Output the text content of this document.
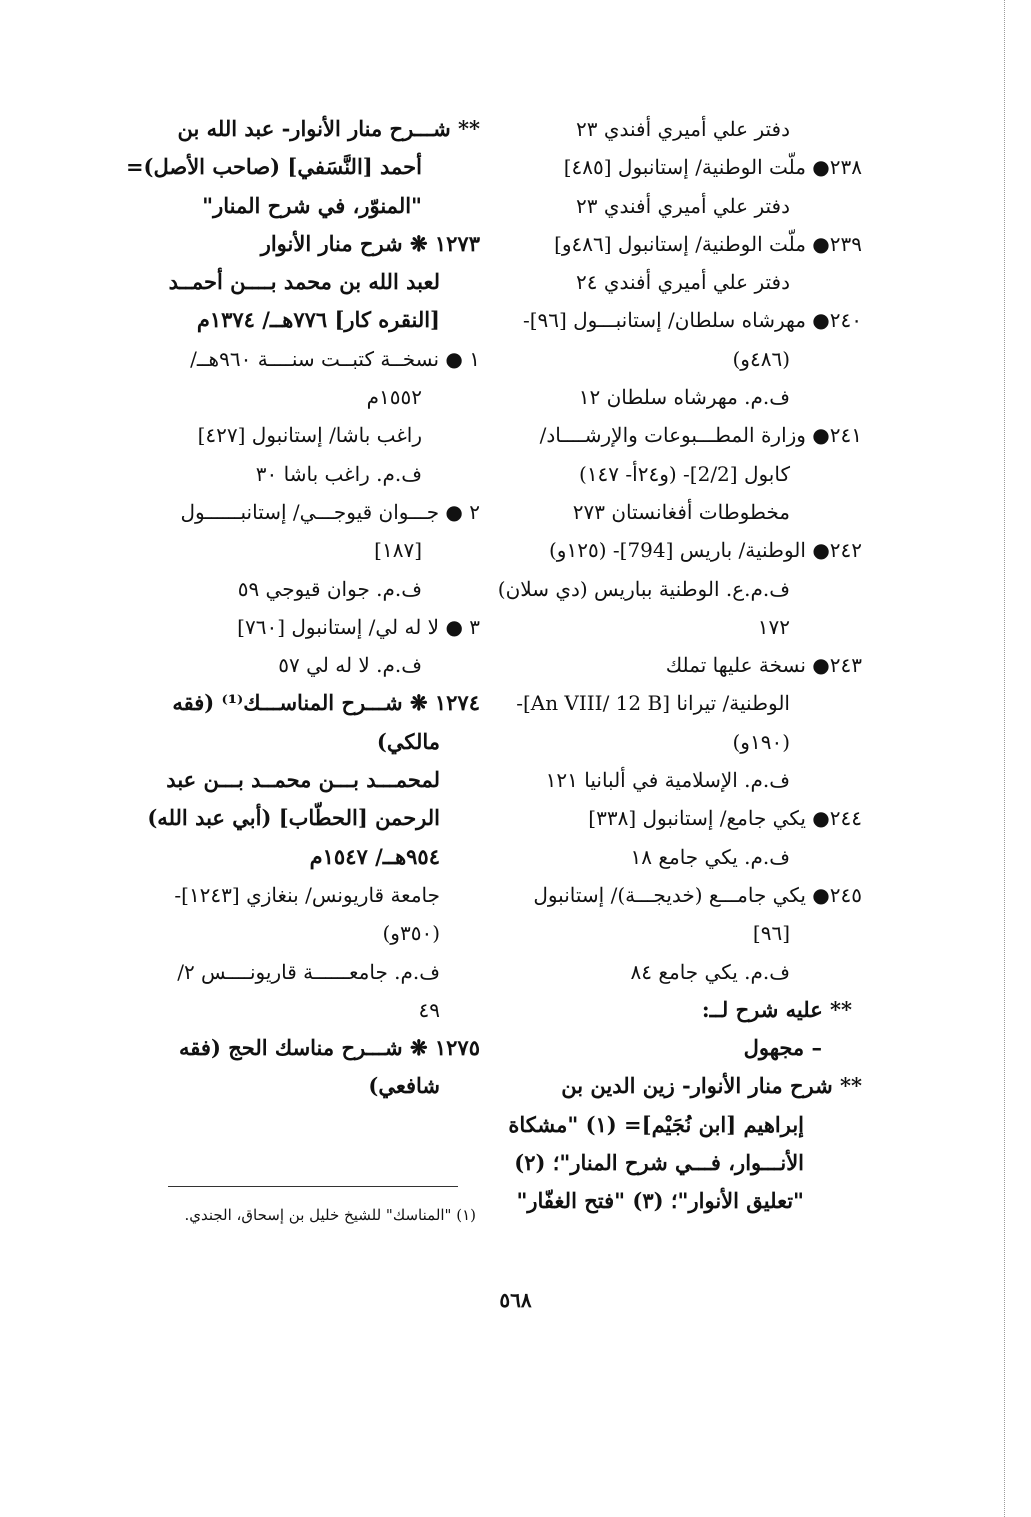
دفتر علي أميري أفندي ٢٣
٢٣٨● ملّت الوطنية/ إستانبول [٤٨٥]
دفتر علي أميري أفندي ٢٣
٢٣٩● ملّت الوطنية/ إستانبول [٤٨٦و]
دفتر علي أميري أفندي ٢٤
٢٤٠● مهرشاه سلطان/ إستانبـــول [٩٦]-
(٤٨٦و)
ف.م. مهرشاه سلطان ١٢
٢٤١● وزارة المطـــبوعات والإرشــــاد/
كابول [2/2]- (و٢٤أ- ١٤٧)
مخطوطات أفغانستان ٢٧٣
٢٤٢● الوطنية/ باريس [794]- (١٢٥و)
ف.م.ع. الوطنية بباريس (دي سلان)
١٧٢
٢٤٣● نسخة عليها تملك
الوطنية/ تيرانا [An VIII/ 12 B]-
(١٩٠و)
ف.م. الإسلامية في ألبانيا ١٢١
٢٤٤● يكي جامع/ إستانبول [٣٣٨]
ف.م. يكي جامع ١٨
٢٤٥● يكي جامـــع (خديجـــة)/ إستانبول
[٩٦]
ف.م. يكي جامع ٨٤
** عليه شرح لــ:
– مجهول
** شرح منار الأنوار- زين الدين بن
إبراهيم [ابن نُجَيْم]= (١) "مشكاة
الأنـــوار، فـــي شرح المنار"؛ (٢)
"تعليق الأنوار"؛ (٣) "فتح الغفّار"
** شـــرح منار الأنوار- عبد الله بن
أحمد [النَّسَفي] (صاحب الأصل)=
"المنوّر، في شرح المنار"
١٢٧٣ ❋ شرح منار الأنوار
لعبد الله بن محمد بــــن أحمــد
[النقره كار] ٧٧٦هــ/ ١٣٧٤م
١ ● نسخــة كتبــت سنــــة ٩٦٠هــ/
١٥٥٢م
راغب باشا/ إستانبول [٤٢٧]
ف.م. راغب باشا ٣٠
٢ ● جـــوان قيوجـــي/ إستانبــــــول
[١٨٧]
ف.م. جوان قيوجي ٥٩
٣ ● لا له لي/ إستانبول [٧٦٠]
ف.م. لا له لي ٥٧
١٢٧٤ ❋ شـــرح المناســـك⁽¹⁾ (فقه
مالكي)
لمحمـــد بـــن محمــد بـــن عبد
الرحمن [الحطّاب] (أبي عبد الله)
٩٥٤هــ/ ١٥٤٧م
جامعة قاريونس/ بنغازي [١٢٤٣]-
(٣٥٠و)
ف.م. جامعــــــة قاريونــــس ٢/
٤٩
١٢٧٥ ❋ شـــرح مناسك الحج (فقه
شافعي)
(١) "المناسك" للشيخ خليل بن إسحاق، الجندي.
٥٦٨
